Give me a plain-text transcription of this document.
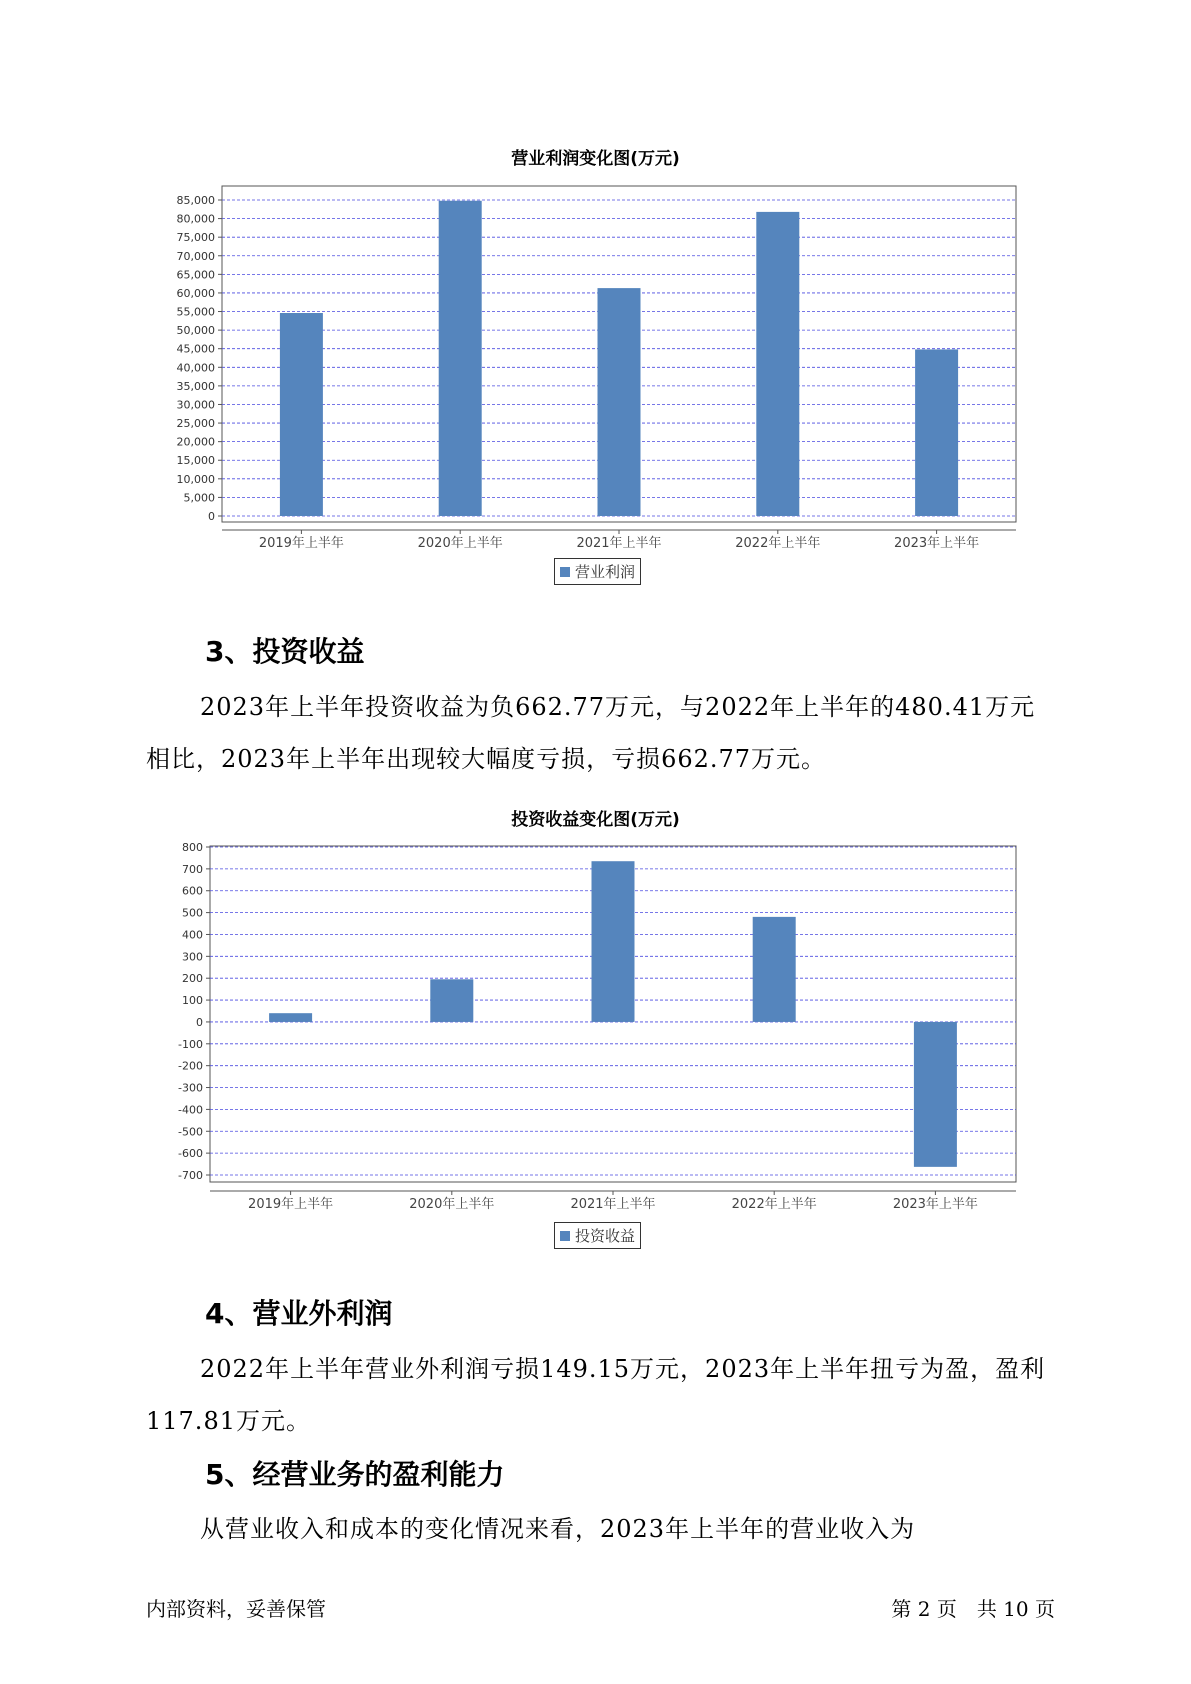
营业利润变化图(万元)
0
5,000
10,000
15,000
20,000
25,000
30,000
35,000
40,000
45,000
50,000
55,000
60,000
65,000
70,000
75,000
80,000
85,000
2019年上半年	2020年上半年	2021年上半年	2022年上半年	2023年上半年
营业利润
3、投资收益

2023年上半年投资收益为负662.77万元，与2022年上半年的480.41万元相比，2023年上半年出现较大幅度亏损，亏损662.77万元。

投资收益变化图(万元)
-700
-600
-500
-400
-300
-200
-100
0
100
200
300
400
500
600
700
800
2019年上半年	2020年上半年	2021年上半年	2022年上半年	2023年上半年
投资收益
4、营业外利润

2022年上半年营业外利润亏损149.15万元，2023年上半年扭亏为盈，盈利117.81万元。

5、经营业务的盈利能力

从营业收入和成本的变化情况来看，2023年上半年的营业收入为

内部资料，妥善保管	第 2 页　共 10 页
